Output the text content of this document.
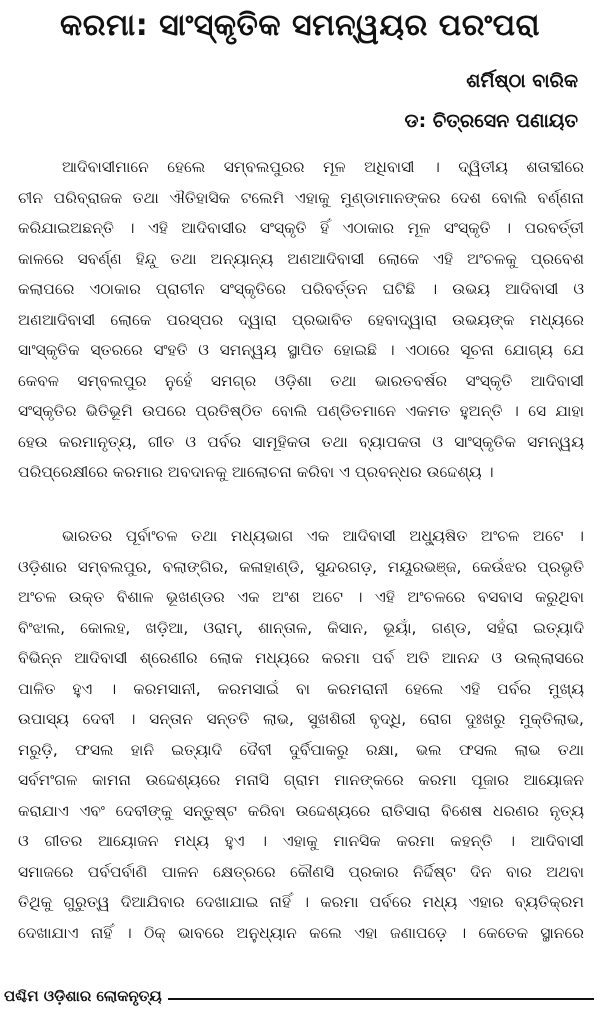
କରମା: ସାଂସ୍କୃତିକ ସମନ୍ୱୟର ପରଂପରା
ଶର୍ମିଷ୍ଠା ବାରିକ
ଡ: ଚିତ୍ରସେନ ପଣାୟତ
ଆଦିବାସୀମାନେ ହେଲେ ସମ୍ବଲପୁରର ମୂଳ ଅଧିବାସୀ । ଦ୍ୱିତୀୟ ଶତାବ୍ଦୀରେ
ଚୀନ ପରିବ୍ରାଜକ ତଥା ଐତିହାସିକ ଟଲେମି ଏହାକୁ ମୁଣ୍ଡାମାନଙ୍କର ଦେଶ ବୋଲି ବର୍ଣ୍ଣନା
କରିଯାଇଅଛନ୍ତି । ଏହି ଆଦିବାସୀର ସଂସ୍କୃତି ହିଁ ଏଠାକାର ମୂଳ ସଂସ୍କୃତି । ପରବର୍ତ୍ତୀ
କାଳରେ ସବର୍ଣ୍ଣ ହିନ୍ଦୁ ତଥା ଅନ୍ୟାନ୍ୟ ଅଣଆଦିବାସୀ ଲୋକେ ଏହି ଅଂଚଳକୁ ପ୍ରବେଶ
କଲାପରେ ଏଠାକାର ପ୍ରାଚୀନ ସଂସ୍କୃତିରେ ପରିବର୍ତ୍ତନ ଘଟିଛି । ଉଭୟ ଆଦିବାସୀ ଓ
ଅଣଆଦିବାସୀ ଲୋକେ ପରସ୍ପର ଦ୍ୱାରା ପ୍ରଭାବିତ ହେବାଦ୍ୱାରା ଉଭୟଙ୍କ ମଧ୍ୟରେ
ସାଂସ୍କୃତିକ ସ୍ତରରେ ସଂହତି ଓ ସମନ୍ୱୟ ସ୍ଥାପିତ ହୋଇଛି । ଏଠାରେ ସୂଚନା ଯୋଗ୍ୟ ଯେ
କେବଳ ସମ୍ବଲପୁର ନୁହେଁ ସମଗ୍ର ଓଡ଼ିଶା ତଥା ଭାରତବର୍ଷର ସଂସ୍କୃତି ଆଦିବାସୀ
ସଂସ୍କୃତିର ଭିତିଭୂମି ଉପରେ ପ୍ରତିଷ୍ଠିତ ବୋଲି ପଣ୍ଡିତମାନେ ଏକମତ ହୁଅନ୍ତି । ସେ ଯାହା
ହେଉ କରମାନୃତ୍ୟ, ଗୀତ ଓ ପର୍ବର ସାମୂହିକତା ତଥା ବ୍ୟାପକତା ଓ ସାଂସ୍କୃତିକ ସମନ୍ୱୟ
ପରିପ୍ରେକ୍ଷୀରେ କରମାର ଅବଦାନକୁ ଆଲୋଚନା କରିବା ଏ ପ୍ରବନ୍ଧର ଉଦ୍ଦେଶ୍ୟ ।
ଭାରତର ପୂର୍ବାଂଚଳ ତଥା ମଧ୍ୟଭାଗ ଏକ ଆଦିବାସୀ ଅଧ୍ୟୁଷିତ ଅଂଚଳ ଅଟେ ।
ଓଡ଼ିଶାର ସମ୍ବଲପୁର, ବଲାଙ୍ଗିର, କଳାହାଣ୍ଡି, ସୁନ୍ଦରଗଡ଼, ମୟୂରଭଞ୍ଜ, କେଉଁଝର ପ୍ରଭୃତି
ଅଂଚଳ ଉକ୍ତ ବିଶାଳ ଭୂଖଣ୍ଡର ଏକ ଅଂଶ ଅଟେ । ଏହି ଅଂଚଳରେ ବସବାସ କରୁଥିବା
ବିଂଝାଲ, କୋଲହ, ଖଡ଼ିଆ, ଓରାମ୍, ଶାନ୍ତାଳ, କିସାନ, ଭୂୟାଁ, ଗଣ୍ଡ, ସହଁରା ଇତ୍ୟାଦି
ବିଭିନ୍ନ ଆଦିବାସୀ ଶ୍ରେଣୀର ଲୋକ ମଧ୍ୟରେ କରମା ପର୍ବ ଅତି ଆନନ୍ଦ ଓ ଉଲ୍ଲାସରେ
ପାଳିତ ହୁଏ । କରମସାନୀ, କରମସାଇଁ ବା କରମରାନୀ ହେଲେ ଏହି ପର୍ବର ମୁଖ୍ୟ
ଉପାସ୍ୟ ଦେବୀ । ସନ୍ତାନ ସନ୍ତତି ଲାଭ, ସୁଖଶିରୀ ବୃଦ୍ଧି, ରୋଗ ଦୁଃଖରୁ ମୁକ୍ତିଲାଭ,
ମରୁଡ଼ି, ଫସଲ ହାନି ଇତ୍ୟାଦି ଦୈବୀ ଦୁର୍ବିପାକରୁ ରକ୍ଷା, ଭଲ ଫସଲ ଲାଭ ତଥା
ସର୍ବମଂଗଳ କାମନା ଉଦ୍ଦେଶ୍ୟରେ ମନାସି ଗ୍ରାମ ମାନଙ୍କରେ କରମା ପୂଜାର ଆୟୋଜନ
କରାଯାଏ ଏବଂ ଦେବୀଙ୍କୁ ସନ୍ତୁଷ୍ଟ କରିବା ଉଦ୍ଦେଶ୍ୟରେ ରାତିସାରା ବିଶେଷ ଧରଣର ନୃତ୍ୟ
ଓ ଗୀତର ଆୟୋଜନ ମଧ୍ୟ ହୁଏ । ଏହାକୁ ମାନସିକ କରମା କହନ୍ତି । ଆଦିବାସୀ
ସମାଜରେ ପର୍ବପର୍ବାଣି ପାଳନ କ୍ଷେତ୍ରରେ କୌଣସି ପ୍ରକାର ନିର୍ଦ୍ଦିଷ୍ଟ ଦିନ ବାର ଅଥବା
ତିଥିକୁ ଗୁରୁତ୍ୱ ଦିଆଯିବାର ଦେଖାଯାଇ ନାହିଁ । କରମା ପର୍ବରେ ମଧ୍ୟ ଏହାର ବ୍ୟତିକ୍ରମ
ଦେଖାଯାଏ ନାହିଁ । ଠିକ୍ ଭାବରେ ଅନୁଧ୍ୟାନ କଲେ ଏହା ଜଣାପଡ଼େ । କେତେକ ସ୍ଥାନରେ
ପଶ୍ଚିମ ଓଡ଼ିଶାର ଲୋକନୃତ୍ୟ
